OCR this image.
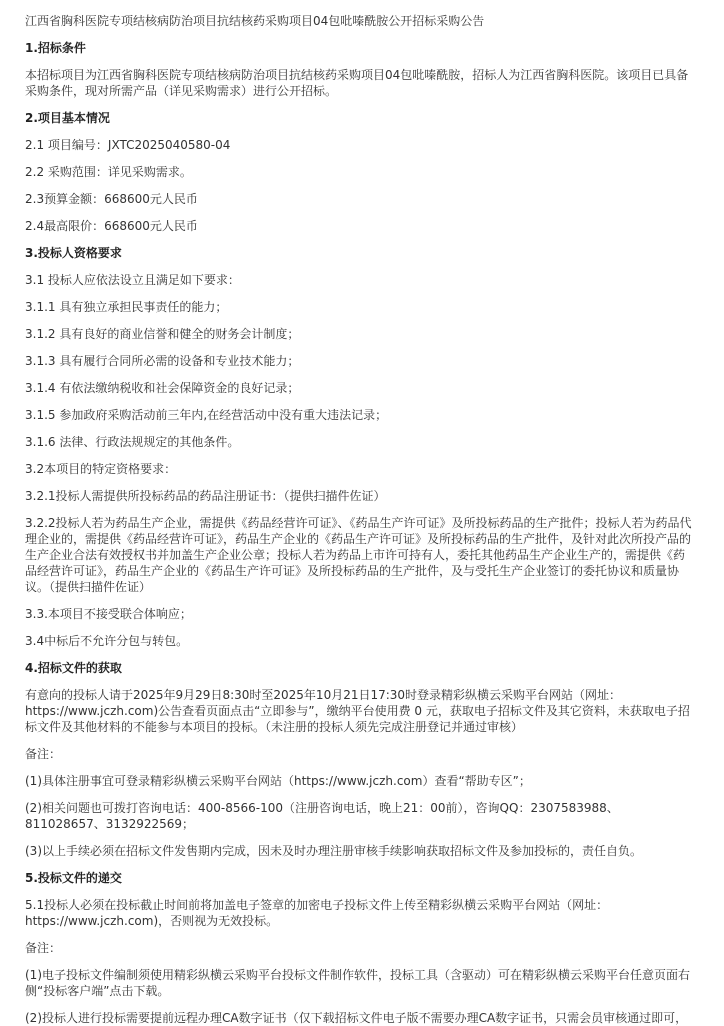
江西省胸科医院专项结核病防治项目抗结核药采购项目04包吡嗪酰胺公开招标采购公告
1.招标条件
本招标项目为江西省胸科医院专项结核病防治项目抗结核药采购项目04包吡嗪酰胺，招标人为江西省胸科医院。该项目已具备采购条件，现对所需产品（详见采购需求）进行公开招标。
2.项目基本情况
2.1 项目编号：JXTC2025040580-04
2.2 采购范围：详见采购需求。
2.3预算金额：668600元人民币
2.4最高限价：668600元人民币
3.投标人资格要求
3.1 投标人应依法设立且满足如下要求：
3.1.1 具有独立承担民事责任的能力；
3.1.2 具有良好的商业信誉和健全的财务会计制度；
3.1.3 具有履行合同所必需的设备和专业技术能力；
3.1.4 有依法缴纳税收和社会保障资金的良好记录；
3.1.5 参加政府采购活动前三年内,在经营活动中没有重大违法记录；
3.1.6 法律、行政法规规定的其他条件。
3.2本项目的特定资格要求：
3.2.1投标人需提供所投标药品的药品注册证书：（提供扫描件佐证）
3.2.2投标人若为药品生产企业，需提供《药品经营许可证》、《药品生产许可证》及所投标药品的生产批件；投标人若为药品代理企业的，需提供《药品经营许可证》，药品生产企业的《药品生产许可证》及所投标药品的生产批件，及针对此次所投产品的生产企业合法有效授权书并加盖生产企业公章；投标人若为药品上市许可持有人，委托其他药品生产企业生产的，需提供《药品经营许可证》，药品生产企业的《药品生产许可证》及所投标药品的生产批件，及与受托生产企业签订的委托协议和质量协议。（提供扫描件佐证）
3.3.本项目不接受联合体响应；
3.4中标后不允许分包与转包。
4.招标文件的获取
有意向的投标人请于2025年9月29日8:30时至2025年10月21日17:30时登录精彩纵横云采购平台网站（网址：https://www.jczh.com)公告查看页面点击“立即参与”，缴纳平台使用费 0 元，获取电子招标文件及其它资料，未获取电子招标文件及其他材料的不能参与本项目的投标。（未注册的投标人须先完成注册登记并通过审核）
备注：
(1)具体注册事宜可登录精彩纵横云采购平台网站（https://www.jczh.com）查看“帮助专区”；
(2)相关问题也可拨打咨询电话：400-8566-100（注册咨询电话，晚上21：00前），咨询QQ：2307583988、811028657、3132922569；
(3)以上手续必须在招标文件发售期内完成，因未及时办理注册审核手续影响获取招标文件及参加投标的，责任自负。
5.投标文件的递交
5.1投标人必须在投标截止时间前将加盖电子签章的加密电子投标文件上传至精彩纵横云采购平台网站（网址：https://www.jczh.com)，否则视为无效投标。
备注：
(1)电子投标文件编制须使用精彩纵横云采购平台投标文件制作软件，投标工具（含驱动）可在精彩纵横云采购平台任意页面右侧“投标客户端”点击下载。
(2)投标人进行投标需要提前远程办理CA数字证书（仅下载招标文件电子版不需要办理CA数字证书，只需会员审核通过即可，
